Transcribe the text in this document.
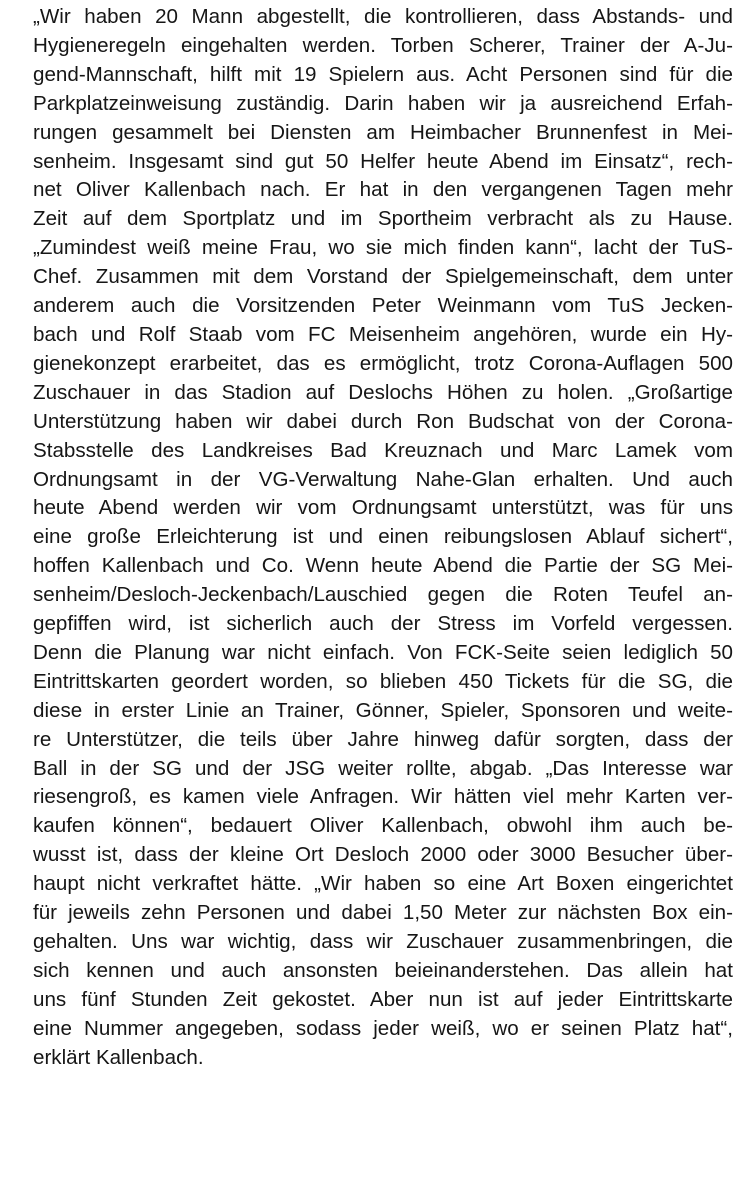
„Wir haben 20 Mann abgestellt, die kontrollieren, dass Abstands- und
Hygieneregeln eingehalten werden. Torben Scherer, Trainer der A-Ju-
gend-Mannschaft, hilft mit 19 Spielern aus. Acht Personen sind für die
Parkplatzeinweisung zuständig. Darin haben wir ja ausreichend Erfah-
rungen gesammelt bei Diensten am Heimbacher Brunnenfest in Mei-
senheim. Insgesamt sind gut 50 Helfer heute Abend im Einsatz“, rech-
net Oliver Kallenbach nach. Er hat in den vergangenen Tagen mehr
Zeit auf dem Sportplatz und im Sportheim verbracht als zu Hause.
„Zumindest weiß meine Frau, wo sie mich finden kann“, lacht der TuS-
Chef. Zusammen mit dem Vorstand der Spielgemeinschaft, dem unter
anderem auch die Vorsitzenden Peter Weinmann vom TuS Jecken-
bach und Rolf Staab vom FC Meisenheim angehören, wurde ein Hy-
gienekonzept erarbeitet, das es ermöglicht, trotz Corona-Auflagen 500
Zuschauer in das Stadion auf Deslochs Höhen zu holen. „Großartige
Unterstützung haben wir dabei durch Ron Budschat von der Corona-
Stabsstelle des Landkreises Bad Kreuznach und Marc Lamek vom
Ordnungsamt in der VG-Verwaltung Nahe-Glan erhalten. Und auch
heute Abend werden wir vom Ordnungsamt unterstützt, was für uns
eine große Erleichterung ist und einen reibungslosen Ablauf sichert“,
hoffen Kallenbach und Co. Wenn heute Abend die Partie der SG Mei-
senheim/Desloch-Jeckenbach/Lauschied gegen die Roten Teufel an-
gepfiffen wird, ist sicherlich auch der Stress im Vorfeld vergessen.
Denn die Planung war nicht einfach. Von FCK-Seite seien lediglich 50
Eintrittskarten geordert worden, so blieben 450 Tickets für die SG, die
diese in erster Linie an Trainer, Gönner, Spieler, Sponsoren und weite-
re Unterstützer, die teils über Jahre hinweg dafür sorgten, dass der
Ball in der SG und der JSG weiter rollte, abgab. „Das Interesse war
riesengroß, es kamen viele Anfragen. Wir hätten viel mehr Karten ver-
kaufen können“, bedauert Oliver Kallenbach, obwohl ihm auch be-
wusst ist, dass der kleine Ort Desloch 2000 oder 3000 Besucher über-
haupt nicht verkraftet hätte. „Wir haben so eine Art Boxen eingerichtet
für jeweils zehn Personen und dabei 1,50 Meter zur nächsten Box ein-
gehalten. Uns war wichtig, dass wir Zuschauer zusammenbringen, die
sich kennen und auch ansonsten beieinanderstehen. Das allein hat
uns fünf Stunden Zeit gekostet. Aber nun ist auf jeder Eintrittskarte
eine Nummer angegeben, sodass jeder weiß, wo er seinen Platz hat“,
erklärt Kallenbach.
